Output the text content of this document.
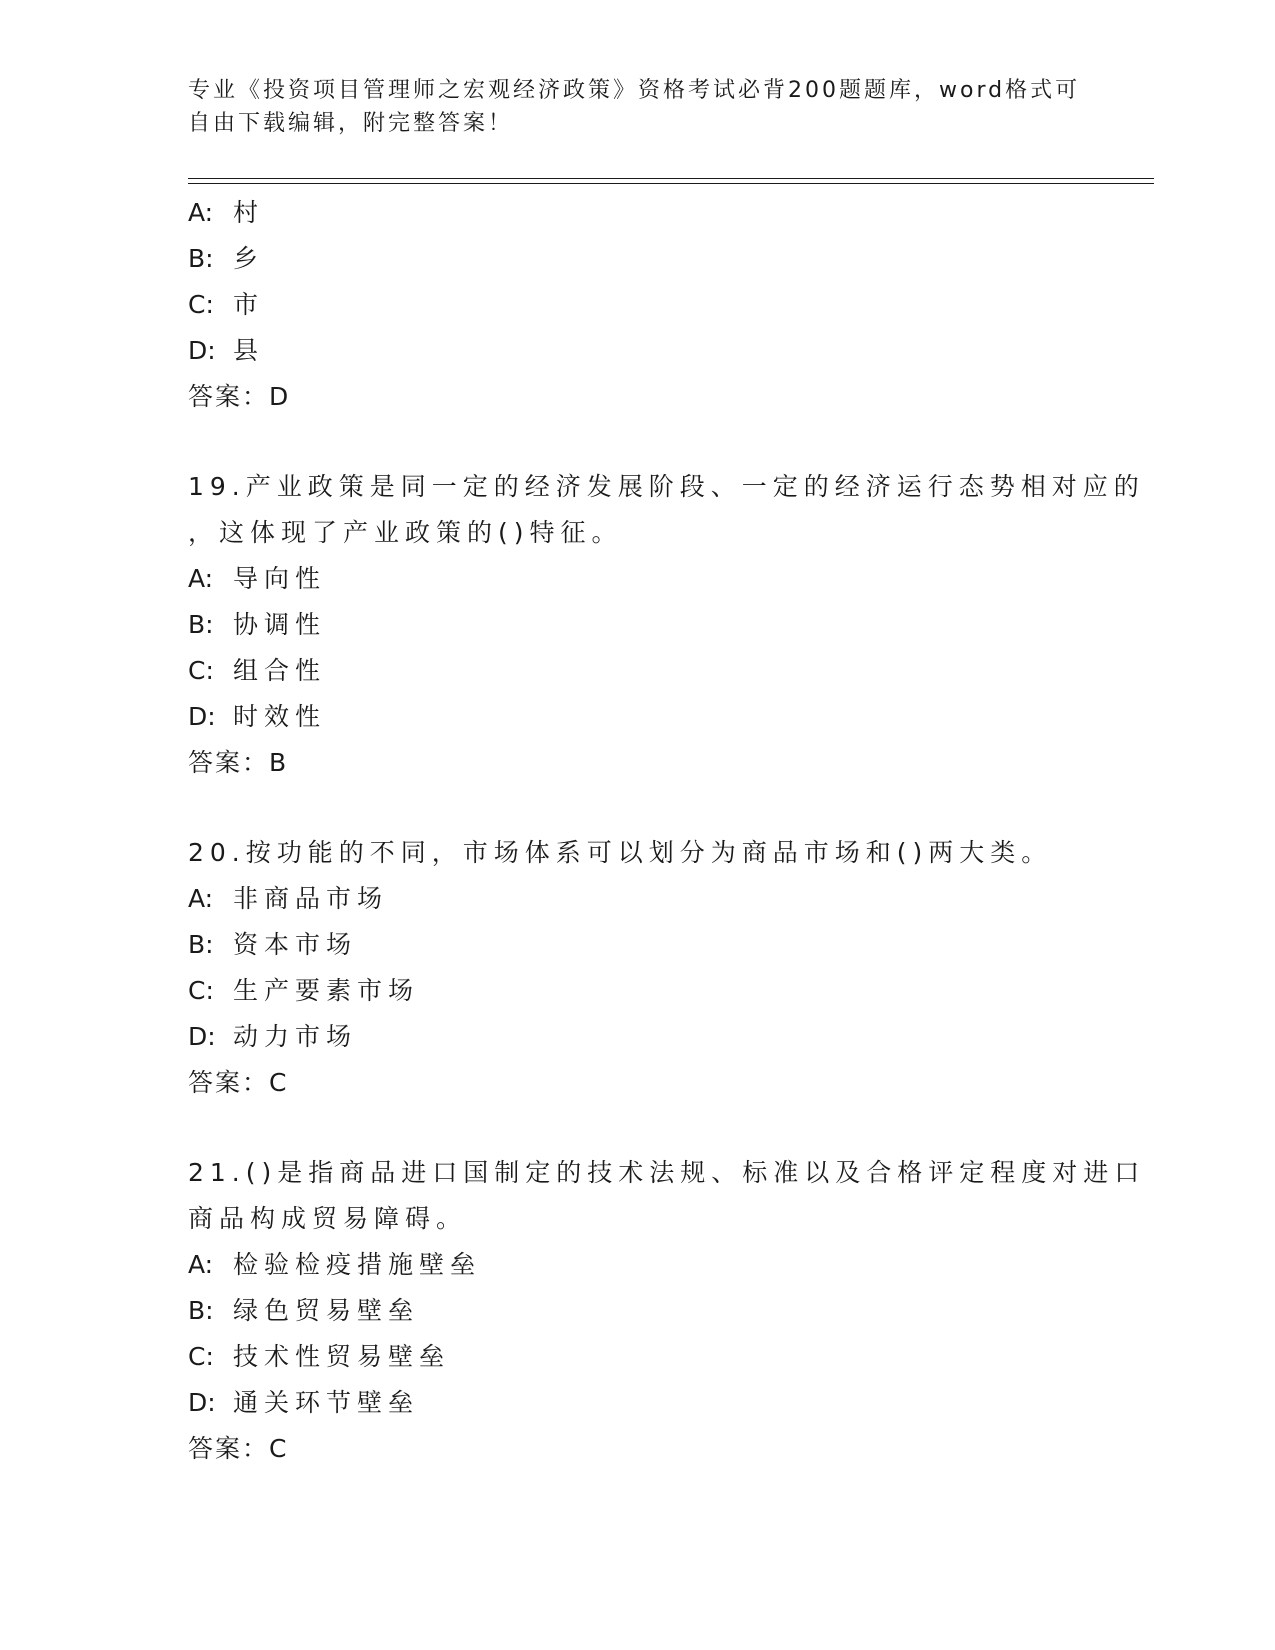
专业《投资项目管理师之宏观经济政策》资格考试必背200题题库，word格式可
自由下载编辑，附完整答案！
A: 村
B: 乡
C: 市
D: 县
答案：D
19.产业政策是同一定的经济发展阶段、一定的经济运行态势相对应的
，这体现了产业政策的()特征。
A: 导向性
B: 协调性
C: 组合性
D: 时效性
答案：B
20.按功能的不同，市场体系可以划分为商品市场和()两大类。
A: 非商品市场
B: 资本市场
C: 生产要素市场
D: 动力市场
答案：C
21.()是指商品进口国制定的技术法规、标准以及合格评定程度对进口
商品构成贸易障碍。
A: 检验检疫措施壁垒
B: 绿色贸易壁垒
C: 技术性贸易壁垒
D: 通关环节壁垒
答案：C
